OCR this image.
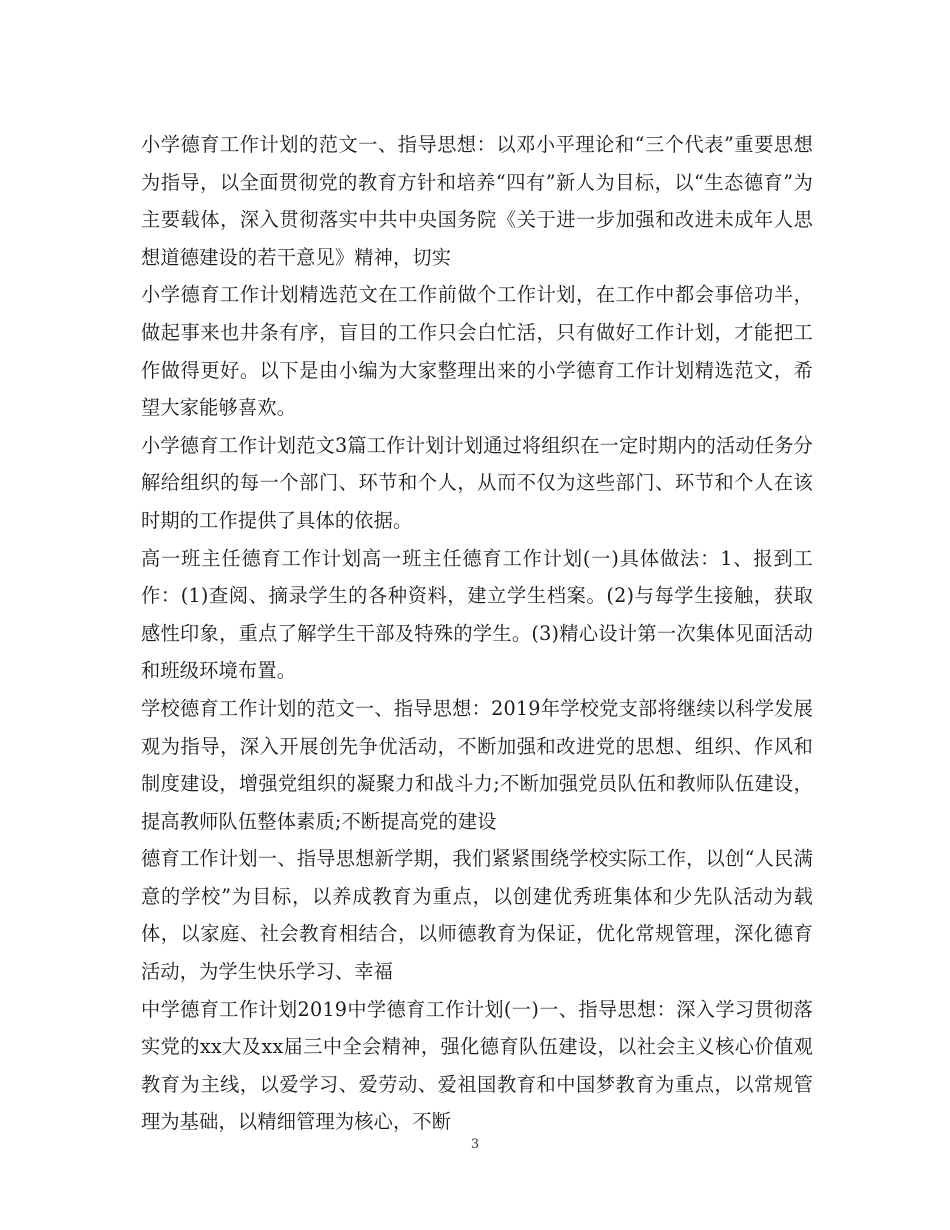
小学德育工作计划的范文一、指导思想：以邓小平理论和“三个代表”重要思想为指导，以全面贯彻党的教育方针和培养“四有”新人为目标，以“生态德育”为主要载体，深入贯彻落实中共中央国务院《关于进一步加强和改进未成年人思想道德建设的若干意见》精神，切实

小学德育工作计划精选范文在工作前做个工作计划，在工作中都会事倍功半，做起事来也井条有序，盲目的工作只会白忙活，只有做好工作计划，才能把工作做得更好。以下是由小编为大家整理出来的小学德育工作计划精选范文，希望大家能够喜欢。

小学德育工作计划范文3篇工作计划计划通过将组织在一定时期内的活动任务分解给组织的每一个部门、环节和个人，从而不仅为这些部门、环节和个人在该时期的工作提供了具体的依据。

高一班主任德育工作计划高一班主任德育工作计划(一)具体做法：1、报到工作：(1)查阅、摘录学生的各种资料，建立学生档案。(2)与每学生接触，获取感性印象，重点了解学生干部及特殊的学生。(3)精心设计第一次集体见面活动和班级环境布置。

学校德育工作计划的范文一、指导思想：2019年学校党支部将继续以科学发展观为指导，深入开展创先争优活动，不断加强和改进党的思想、组织、作风和制度建设，增强党组织的凝聚力和战斗力;不断加强党员队伍和教师队伍建设，提高教师队伍整体素质;不断提高党的建设

德育工作计划一、指导思想新学期，我们紧紧围绕学校实际工作，以创“人民满意的学校”为目标，以养成教育为重点，以创建优秀班集体和少先队活动为载体，以家庭、社会教育相结合，以师德教育为保证，优化常规管理，深化德育活动，为学生快乐学习、幸福

中学德育工作计划2019中学德育工作计划(一)一、指导思想：深入学习贯彻落实党的xx大及xx届三中全会精神，强化德育队伍建设，以社会主义核心价值观教育为主线，以爱学习、爱劳动、爱祖国教育和中国梦教育为重点，以常规管理为基础，以精细管理为核心，不断

3
